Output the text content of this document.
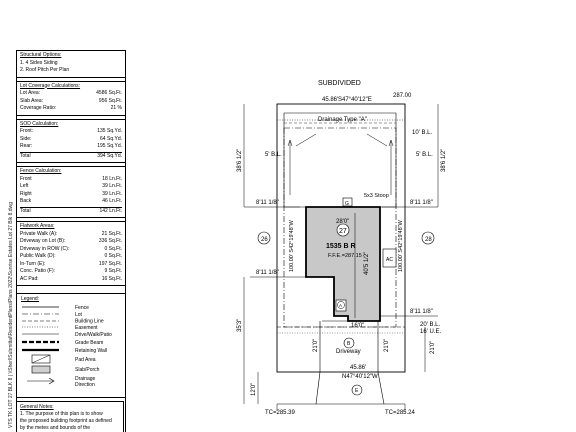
VTS TK LOT 27 BLK 8 | \\Sherl\Submittal\ResidentPlans\Plans 2022\Sunrise Estates Lot 27 Blk 8.dwg
Structural Options:
1. 4 Sides Siding
2. Roof Pitch Per Plan
Lot Coverage Calculations:
Lot Area:	4586 Sq.Ft.
Slab Area:	956 Sq.Ft.
Coverage Ratio:	21 %
SOD Calculation:
Front:	135 Sq.Yd.
Side:	64 Sq.Yd.
Rear:	195 Sq.Yd.
Total	394 Sq.Yd.
Fence Calculation:
Front	18 Ln.Ft.
Left	39 Ln.Ft.
Right	39 Ln.Ft.
Back	46 Ln.Ft.
Total	142 Ln.Ft.
Flatwork Areas:
Private Walk (A):	21 Sq.Ft.
Driveway on Lot (B):	336 Sq.Ft.
Driveway in ROW (C):	0 Sq.Ft.
Public Walk (D):	0 Sq.Ft.
In-Turn (E):	197 Sq.Ft.
Conc. Patio (F):	9 Sq.Ft.
AC Pad:	16 Sq.Ft.
Legend:
Fence
Lot
Building Line
Easement
Drive/Walk/Patio
Grade Beam
Retaining Wall
Pad Area
Slab/Porch
Drainage
Direction
General Notes:
1. The purpose of this plan is to show
the proposed building footprint as defined
by the metes and bounds of the
SUBDIVIDED
45.86' S47°40'12"E
287.00
Drainage Type "A"
10' B.L.
5' B.L.	5' B.L.
38'6 1/2"	38'6 1/2"
8'11 1/8"	8'11 1/8"
5x3 Stoop
G
28'0"
27
1535 B R
F.F.E.=287.15 40'5 1/2"	AC
26	28
100.00' S42°19'48"W	100.00' S42°19'48"W
8'11 1/8"
8'11 1/8"
35'3"	20' B.L.
16' U.E.
A
16'0"
Driveway
B
21'0"	21'0"	21'0"
45.86'
N47°40'12"W
E
12'0"
TC=285.39	TC=285.24
